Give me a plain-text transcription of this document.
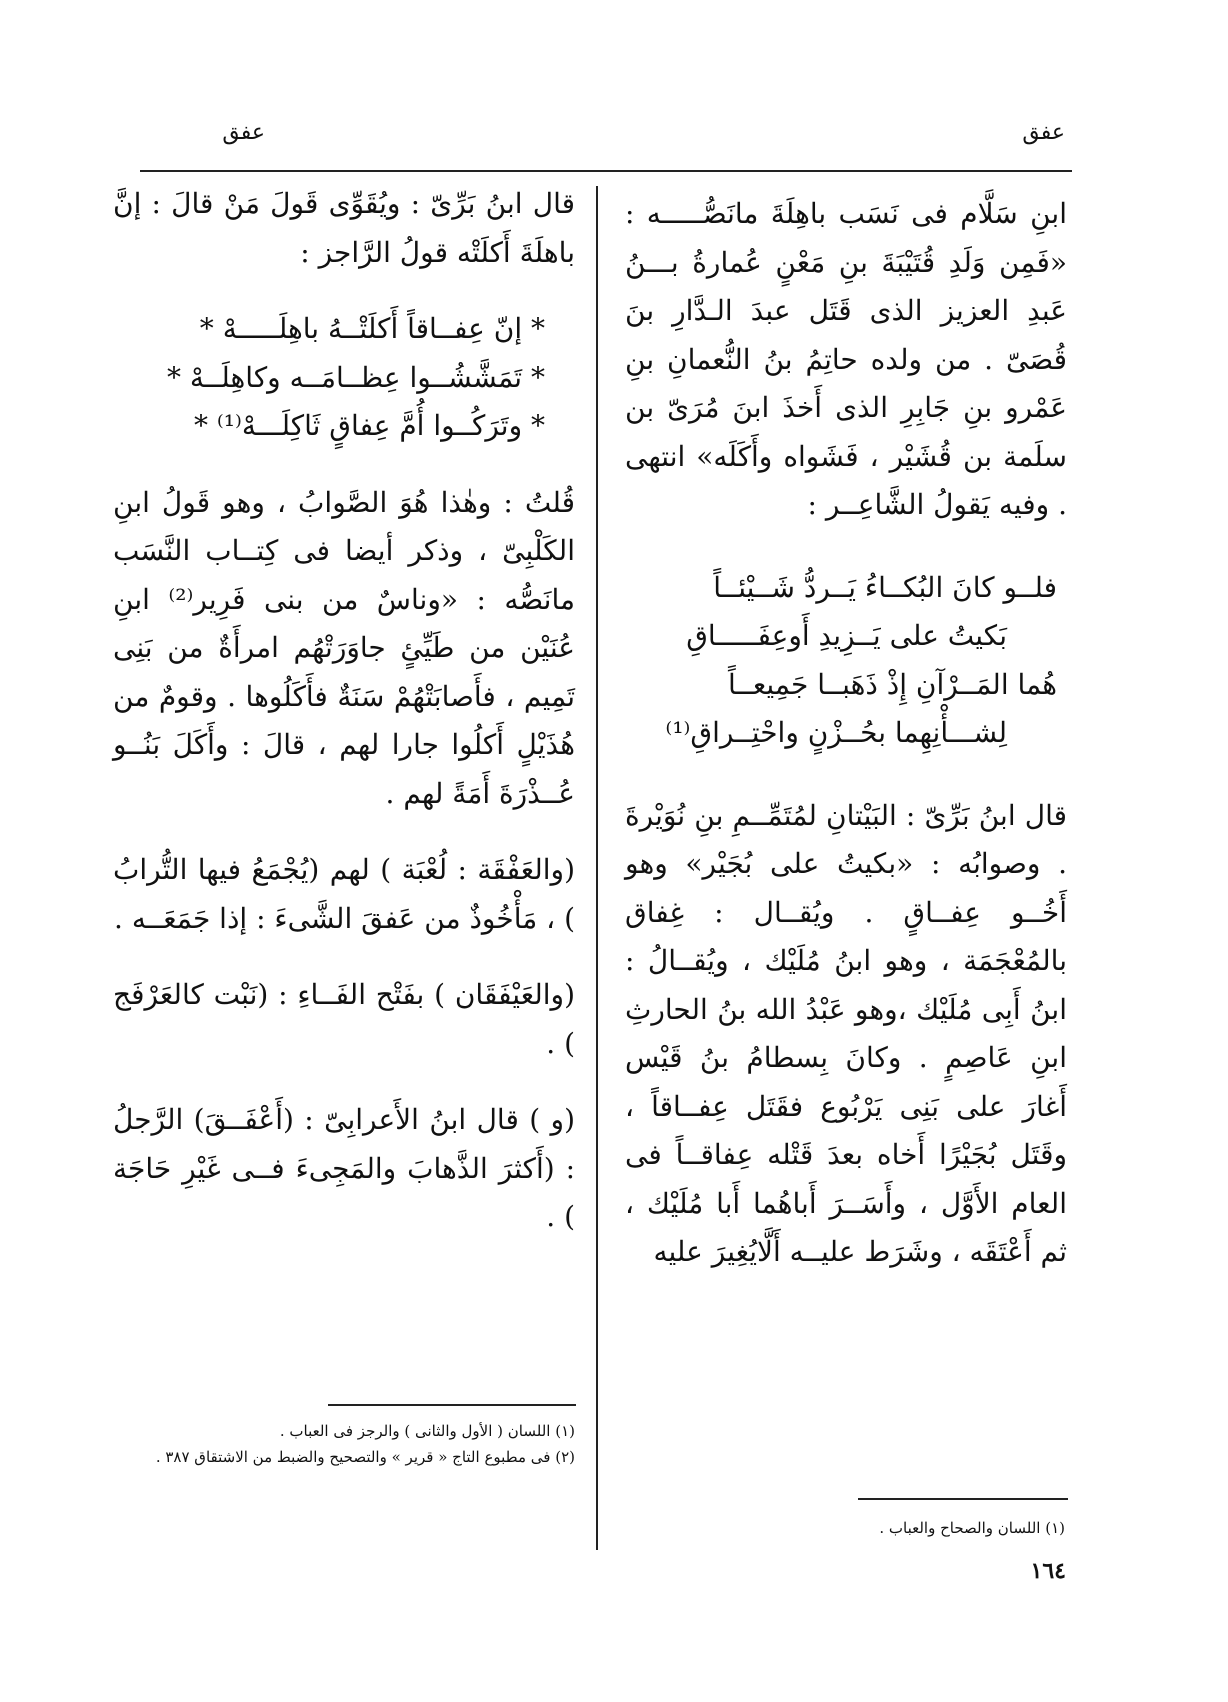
عفق
عفق

ابنِ سَلَّام فى نَسَب باهِلَةَ مانَصُّـــــه : «فَمِن وَلَدِ قُتَيْبَةَ بنِ مَعْنٍ عُمارةُ بـــنُ عَبدِ العزيز الذى قَتَل عبدَ الـدَّارِ بنَ قُصَىّ . من ولده حاتِمُ بنُ النُّعمانِ بنِ عَمْرو بنِ جَابِرِ الذى أَخذَ ابنَ مُرَىّ بن سلَمة بن قُشَيْر ، فَشَواه وأَكَلَه» انتهى . وفيه يَقولُ الشَّاعِــر :

فلــو كانَ البُكــاءُ يَــردُّ شَــيْئــاً

بَكيتُ على يَــزِيدِ أَوعِفَـــــاقِ

هُما المَــرْآنِ إِذْ ذَهَبــا جَمِيعــاً

لِشـــأْنِهِما بحُــزْنٍ واحْتِــراقِ⁽¹⁾

قال ابنُ بَرِّىّ : البَيْتانِ لمُتَمِّــمِ بنِ نُوَيْرةَ . وصوابُه : «بكيتُ على بُجَيْر» وهو أَخُــو عِفــاقٍ . ويُقــال : غِفاق بالمُعْجَمَة ، وهو ابنُ مُلَيْك ، ويُقــالُ : ابنُ أَبِى مُلَيْك ،وهو عَبْدُ الله بنُ الحارثِ ابنِ عَاصِمٍ . وكانَ بِسطامُ بنُ قَيْس أَغارَ على بَنِى يَرْبُوع فقَتَل عِفــاقاً ، وقَتَل بُجَيْرًا أَخاه بعدَ قَتْله عِفاقــاً فى العام الأَوَّل ، وأَسَــرَ أَباهُما أَبا مُلَيْك ، ثم أَعْتَقَه ، وشَرَط عليــه أَلَّايُغِيرَ عليه

قال ابنُ بَرِّىّ : ويُقَوِّى قَولَ مَنْ قالَ : إنَّ باهلَةَ أَكلَتْه قولُ الرَّاجز :

* إنّ عِفــاقاً أَكلَتْــهُ باهِلَـــــهْ *

* تَمَشَّشُــوا عِظــامَــه وكاهِلَــهْ *

* وتَرَكُــوا أُمَّ عِفاقٍ ثَاكِلَـــهْ⁽¹⁾ *

قُلتُ : وهٰذا هُوَ الصَّوابُ ، وهو قَولُ ابنِ الكَلْبِىّ ، وذكر أيضا فى كِتــاب النَّسَب مانَصُّه : «وناسٌ من بنى فَرِير⁽²⁾ ابنِ عُنَيْن من طَيِّئٍ جاوَرَتْهُم امرأَةٌ من بَنِى تَمِيم ، فأَصابَتْهُمْ سَنَةٌ فأَكَلُوها . وقومٌ من هُذَيْلٍ أَكلُوا جارا لهم ، قالَ : وأَكَلَ بَنُــو عُــذْرَةَ أَمَةً لهم .

(والعَفْقَة : لُعْبَة ) لهم (يُجْمَعُ فيها التُّرابُ ) ، مَأْخُوذٌ من عَفقَ الشَّىءَ : إذا جَمَعَــه .

(والعَيْفَقَان ) بفَتْح الفَــاءِ : (نَبْت كالعَرْفَج ) .

(و ) قال ابنُ الأَعرابِىّ : (أَعْفَــقَ) الرَّجلُ : (أَكثرَ الذَّهابَ والمَجِىءَ فــى غَيْرِ حَاجَة ) .

(١) اللسان والصحاح والعباب .

(١) اللسان ( الأول والثانى ) والرجز فى العباب .

(٢) فى مطبوع التاج « قرير » والتصحيح والضبط من الاشتقاق ٣٨٧ .

١٦٤
